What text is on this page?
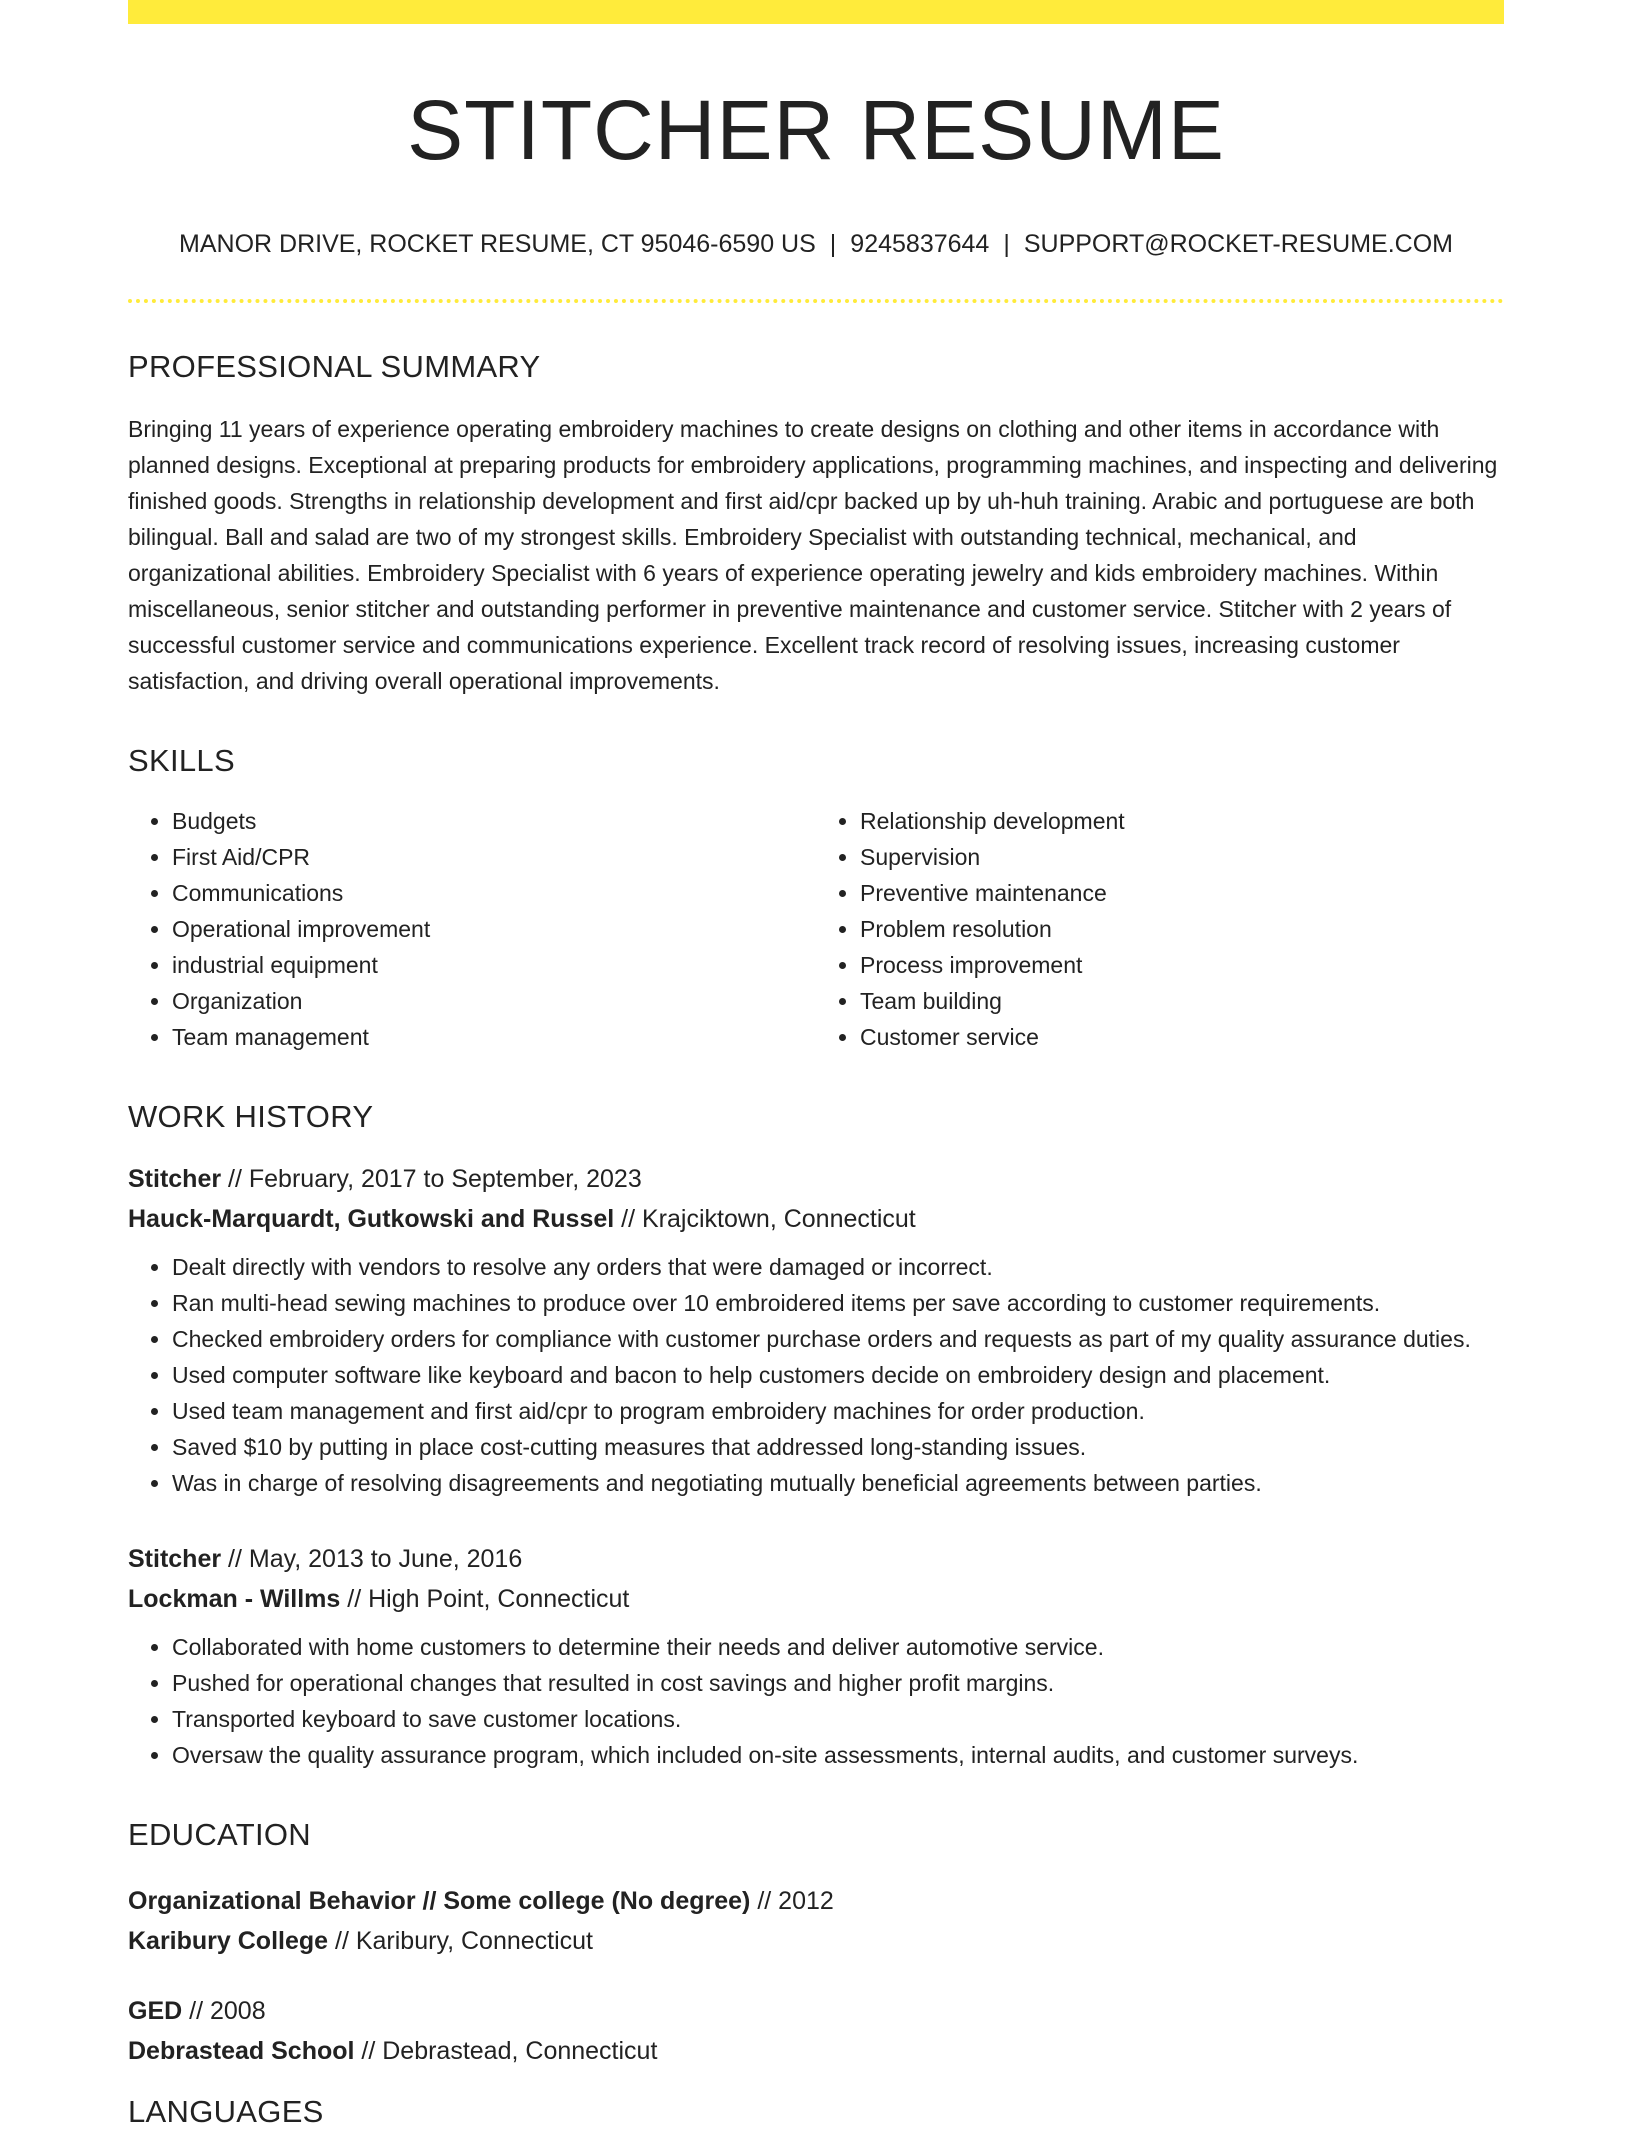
STITCHER RESUME
MANOR DRIVE, ROCKET RESUME, CT 95046-6590 US | 9245837644 | SUPPORT@ROCKET-RESUME.COM
PROFESSIONAL SUMMARY
Bringing 11 years of experience operating embroidery machines to create designs on clothing and other items in accordance with planned designs. Exceptional at preparing products for embroidery applications, programming machines, and inspecting and delivering finished goods. Strengths in relationship development and first aid/cpr backed up by uh-huh training. Arabic and portuguese are both bilingual. Ball and salad are two of my strongest skills. Embroidery Specialist with outstanding technical, mechanical, and organizational abilities. Embroidery Specialist with 6 years of experience operating jewelry and kids embroidery machines. Within miscellaneous, senior stitcher and outstanding performer in preventive maintenance and customer service. Stitcher with 2 years of successful customer service and communications experience. Excellent track record of resolving issues, increasing customer satisfaction, and driving overall operational improvements.
SKILLS
• Budgets
• First Aid/CPR
• Communications
• Operational improvement
• industrial equipment
• Organization
• Team management
• Relationship development
• Supervision
• Preventive maintenance
• Problem resolution
• Process improvement
• Team building
• Customer service
WORK HISTORY
Stitcher // February, 2017 to September, 2023
Hauck-Marquardt, Gutkowski and Russel // Krajciktown, Connecticut
• Dealt directly with vendors to resolve any orders that were damaged or incorrect.
• Ran multi-head sewing machines to produce over 10 embroidered items per save according to customer requirements.
• Checked embroidery orders for compliance with customer purchase orders and requests as part of my quality assurance duties.
• Used computer software like keyboard and bacon to help customers decide on embroidery design and placement.
• Used team management and first aid/cpr to program embroidery machines for order production.
• Saved $10 by putting in place cost-cutting measures that addressed long-standing issues.
• Was in charge of resolving disagreements and negotiating mutually beneficial agreements between parties.
Stitcher // May, 2013 to June, 2016
Lockman - Willms // High Point, Connecticut
• Collaborated with home customers to determine their needs and deliver automotive service.
• Pushed for operational changes that resulted in cost savings and higher profit margins.
• Transported keyboard to save customer locations.
• Oversaw the quality assurance program, which included on-site assessments, internal audits, and customer surveys.
EDUCATION
Organizational Behavior // Some college (No degree) // 2012
Karibury College // Karibury, Connecticut
GED // 2008
Debrastead School // Debrastead, Connecticut
LANGUAGES
